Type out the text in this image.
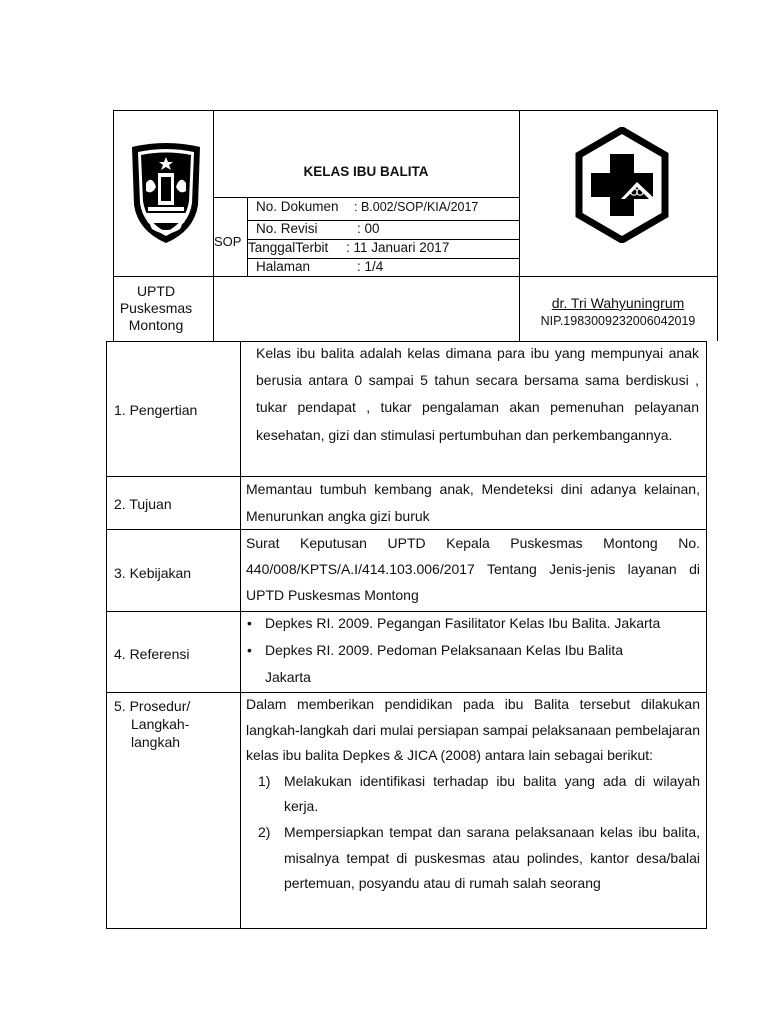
KELAS IBU BALITA
SOP
No. Dokumen : B.002/SOP/KIA/2017
No. Revisi	: 00
TanggalTerbit : 11 Januari 2017
Halaman	: 1/4
UPTD
Puskesmas
Montong
dr. Tri Wahyuningrum
NIP.198300923200604201​9
1. Pengertian
Kelas ibu balita adalah kelas dimana para ibu yang mempunyai anak berusia antara 0 sampai 5 tahun secara bersama sama berdiskusi , tukar pendapat , tukar pengalaman akan pemenuhan pelayanan kesehatan, gizi dan stimulasi pertumbuhan dan perkembangannya.
2. Tujuan
Memantau tumbuh kembang anak, Mendeteksi dini adanya kelainan, Menurunkan angka gizi buruk
3. Kebijakan
Surat Keputusan UPTD Kepala Puskesmas Montong No. 440/008/KPTS/A.I/414.103.006/2017 Tentang Jenis-jenis layanan di UPTD Puskesmas Montong
4. Referensi
• Depkes RI. 2009. Pegangan Fasilitator Kelas Ibu Balita. Jakarta
• Depkes RI. 2009. Pedoman Pelaksanaan Kelas Ibu Balita Jakarta
5. Prosedur/
Langkah-
langkah

Dalam memberikan pendidikan pada ibu Balita tersebut dilakukan langkah-langkah dari mulai persiapan sampai pelaksanaan pembelajaran kelas ibu balita Depkes & JICA (2008) antara lain sebagai berikut:

1) Melakukan identifikasi terhadap ibu balita yang ada di wilayah kerja.
2) Mempersiapkan tempat dan sarana pelaksanaan kelas ibu balita, misalnya tempat di puskesmas atau polindes, kantor desa/balai pertemuan, posyandu atau di rumah salah seorang
